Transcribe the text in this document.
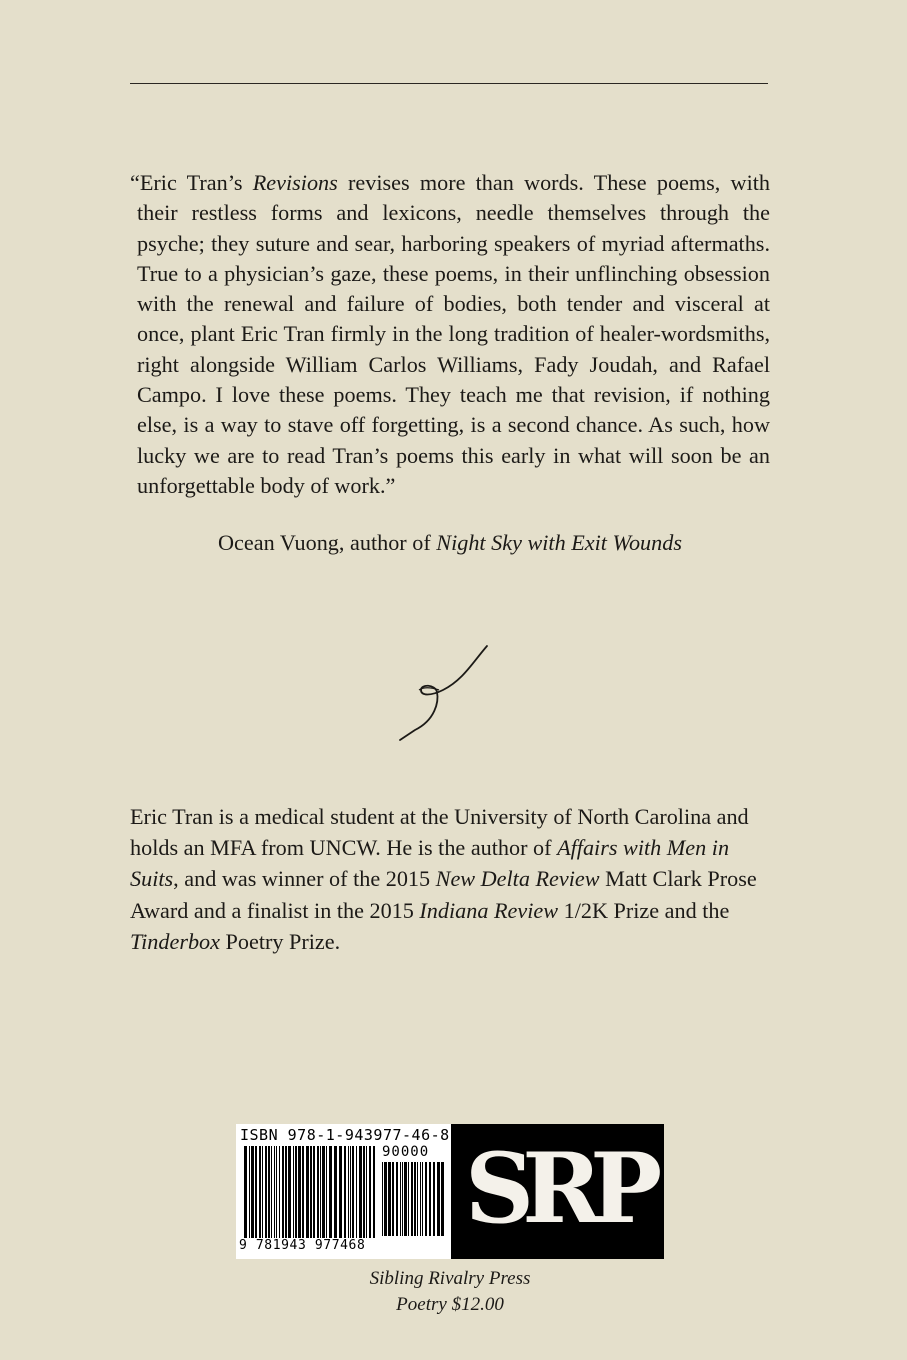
“Eric Tran’s Revisions revises more than words. These poems, with their restless forms and lexicons, needle themselves through the psyche; they suture and sear, harboring speakers of myriad aftermaths. True to a physician’s gaze, these poems, in their unflinching obsession with the renewal and failure of bodies, both tender and visceral at once, plant Eric Tran firmly in the long tradition of healer-wordsmiths, right alongside William Carlos Williams, Fady Joudah, and Rafael Campo. I love these poems. They teach me that revision, if nothing else, is a way to stave off forgetting, is a second chance. As such, how lucky we are to read Tran’s poems this early in what will soon be an unforgettable body of work.”
Ocean Vuong, author of Night Sky with Exit Wounds
Eric Tran is a medical student at the University of North Carolina and holds an MFA from UNCW. He is the author of Affairs with Men in Suits, and was winner of the 2015 New Delta Review Matt Clark Prose Award and a finalist in the 2015 Indiana Review 1/2K Prize and the Tinderbox Poetry Prize.
ISBN 978-1-943977-46-8
90000
9 781943 977468
SRP
Sibling Rivalry Press
Poetry $12.00
